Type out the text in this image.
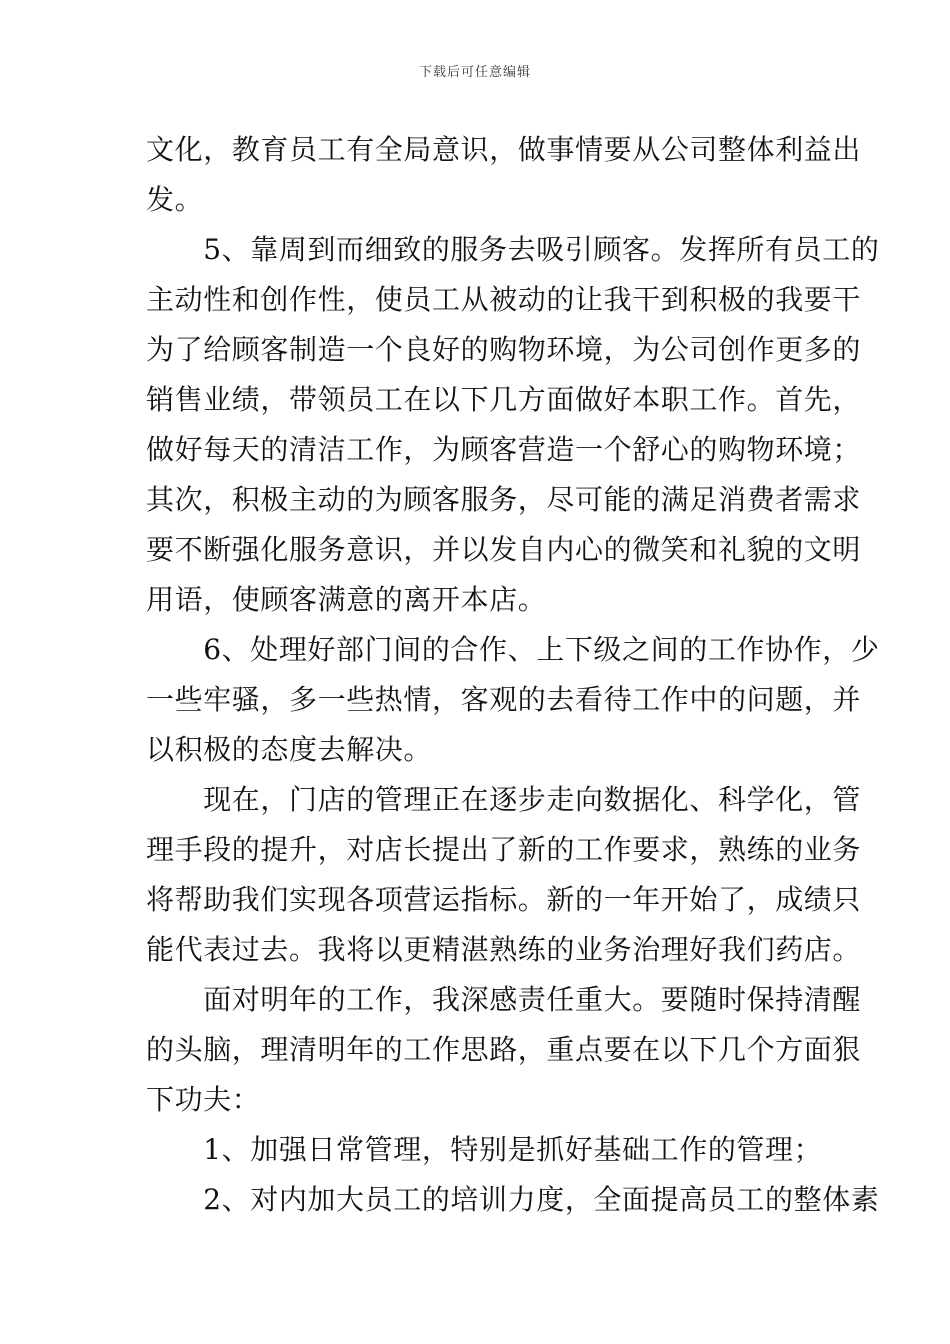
下载后可任意编辑
文化，教育员工有全局意识，做事情要从公司整体利益出
发。
　　5、靠周到而细致的服务去吸引顾客。发挥所有员工的
主动性和创作性，使员工从被动的让我干到积极的我要干
为了给顾客制造一个良好的购物环境，为公司创作更多的
销售业绩，带领员工在以下几方面做好本职工作。首先，
做好每天的清洁工作，为顾客营造一个舒心的购物环境；
其次，积极主动的为顾客服务，尽可能的满足消费者需求
要不断强化服务意识，并以发自内心的微笑和礼貌的文明
用语，使顾客满意的离开本店。
　　6、处理好部门间的合作、上下级之间的工作协作，少
一些牢骚，多一些热情，客观的去看待工作中的问题，并
以积极的态度去解决。
　　现在，门店的管理正在逐步走向数据化、科学化，管
理手段的提升，对店长提出了新的工作要求，熟练的业务
将帮助我们实现各项营运指标。新的一年开始了，成绩只
能代表过去。我将以更精湛熟练的业务治理好我们药店。
　　面对明年的工作，我深感责任重大。要随时保持清醒
的头脑，理清明年的工作思路，重点要在以下几个方面狠
下功夫：
　　1、加强日常管理，特别是抓好基础工作的管理；
　　2、对内加大员工的培训力度，全面提高员工的整体素
